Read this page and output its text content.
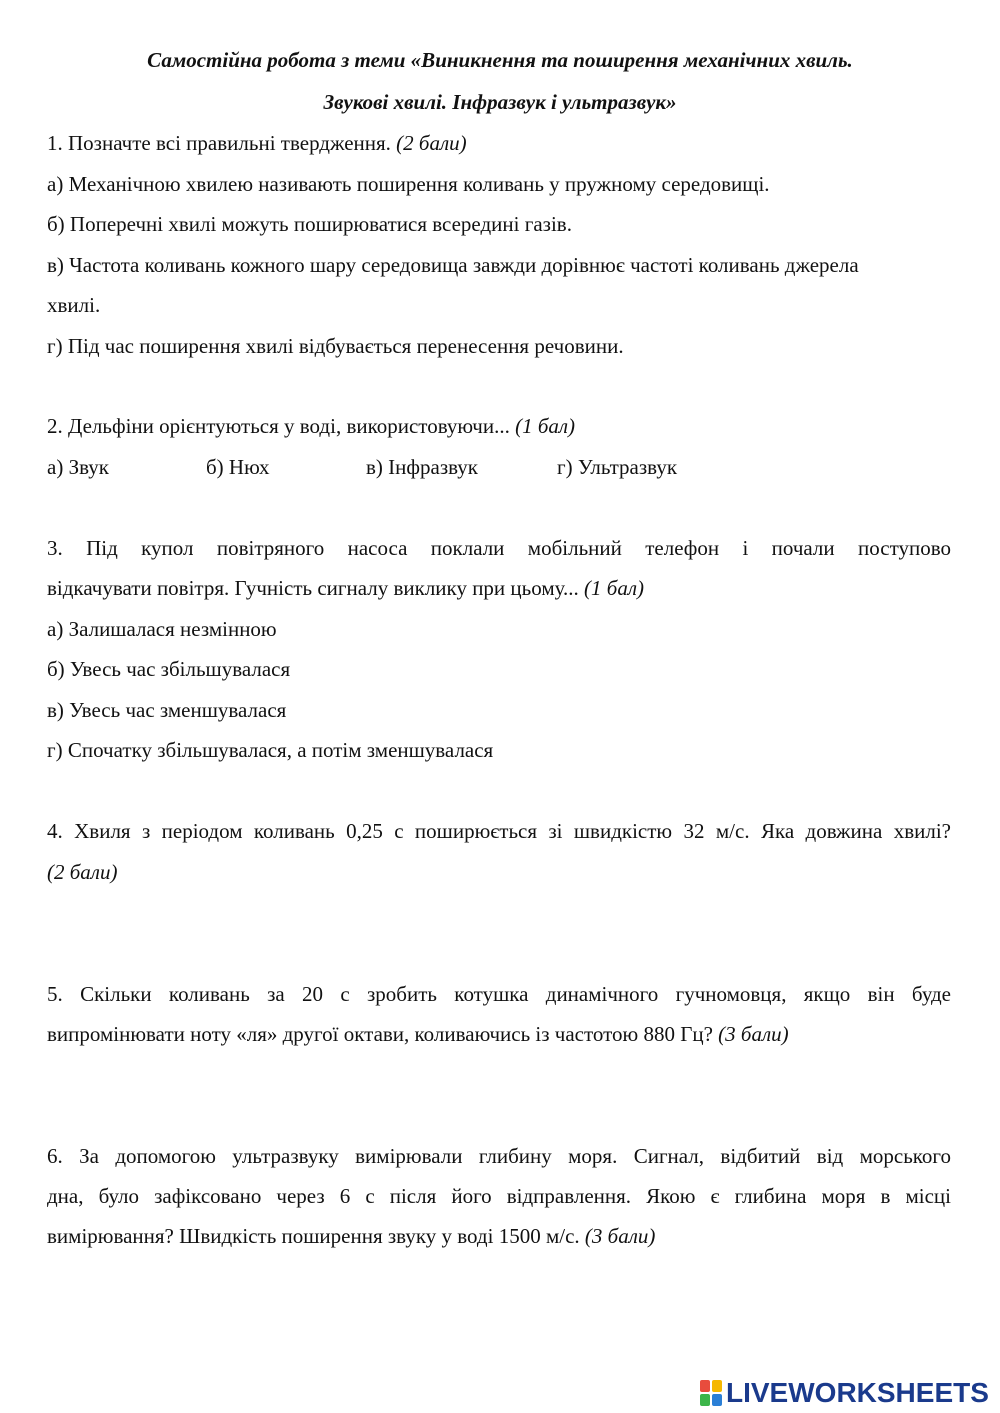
Самостійна робота з теми «Виникнення та поширення механічних хвиль.
Звукові хвилі. Інфразвук і ультразвук»
1. Позначте всі правильні твердження. (2 бали)
а) Механічною хвилею називають поширення коливань у пружному середовищі.
б) Поперечні хвилі можуть поширюватися всередині газів.
в) Частота коливань кожного шару середовища завжди дорівнює частоті коливань джерела
хвилі.
г) Під час поширення хвилі відбувається перенесення речовини.
2. Дельфіни орієнтуються у воді, використовуючи... (1 бал)
а) Звук	б) Нюх	в) Інфразвук	г) Ультразвук
3. Під купол повітряного насоса поклали мобільний телефон і почали поступово
відкачувати повітря. Гучність сигналу виклику при цьому... (1 бал)
а) Залишалася незмінною
б) Увесь час збільшувалася
в) Увесь час зменшувалася
г) Спочатку збільшувалася, а потім зменшувалася
4. Хвиля з періодом коливань 0,25 с поширюється зі швидкістю 32 м/с. Яка довжина хвилі?
(2 бали)
5. Скільки коливань за 20 с зробить котушка динамічного гучномовця, якщо він буде
випромінювати ноту «ля» другої октави, коливаючись із частотою 880 Гц? (3 бали)
6. За допомогою ультразвуку вимірювали глибину моря. Сигнал, відбитий від морського
дна, було зафіксовано через 6 с після його відправлення. Якою є глибина моря в місці
вимірювання? Швидкість поширення звуку у воді 1500 м/с. (3 бали)
LIVEWORKSHEETS
